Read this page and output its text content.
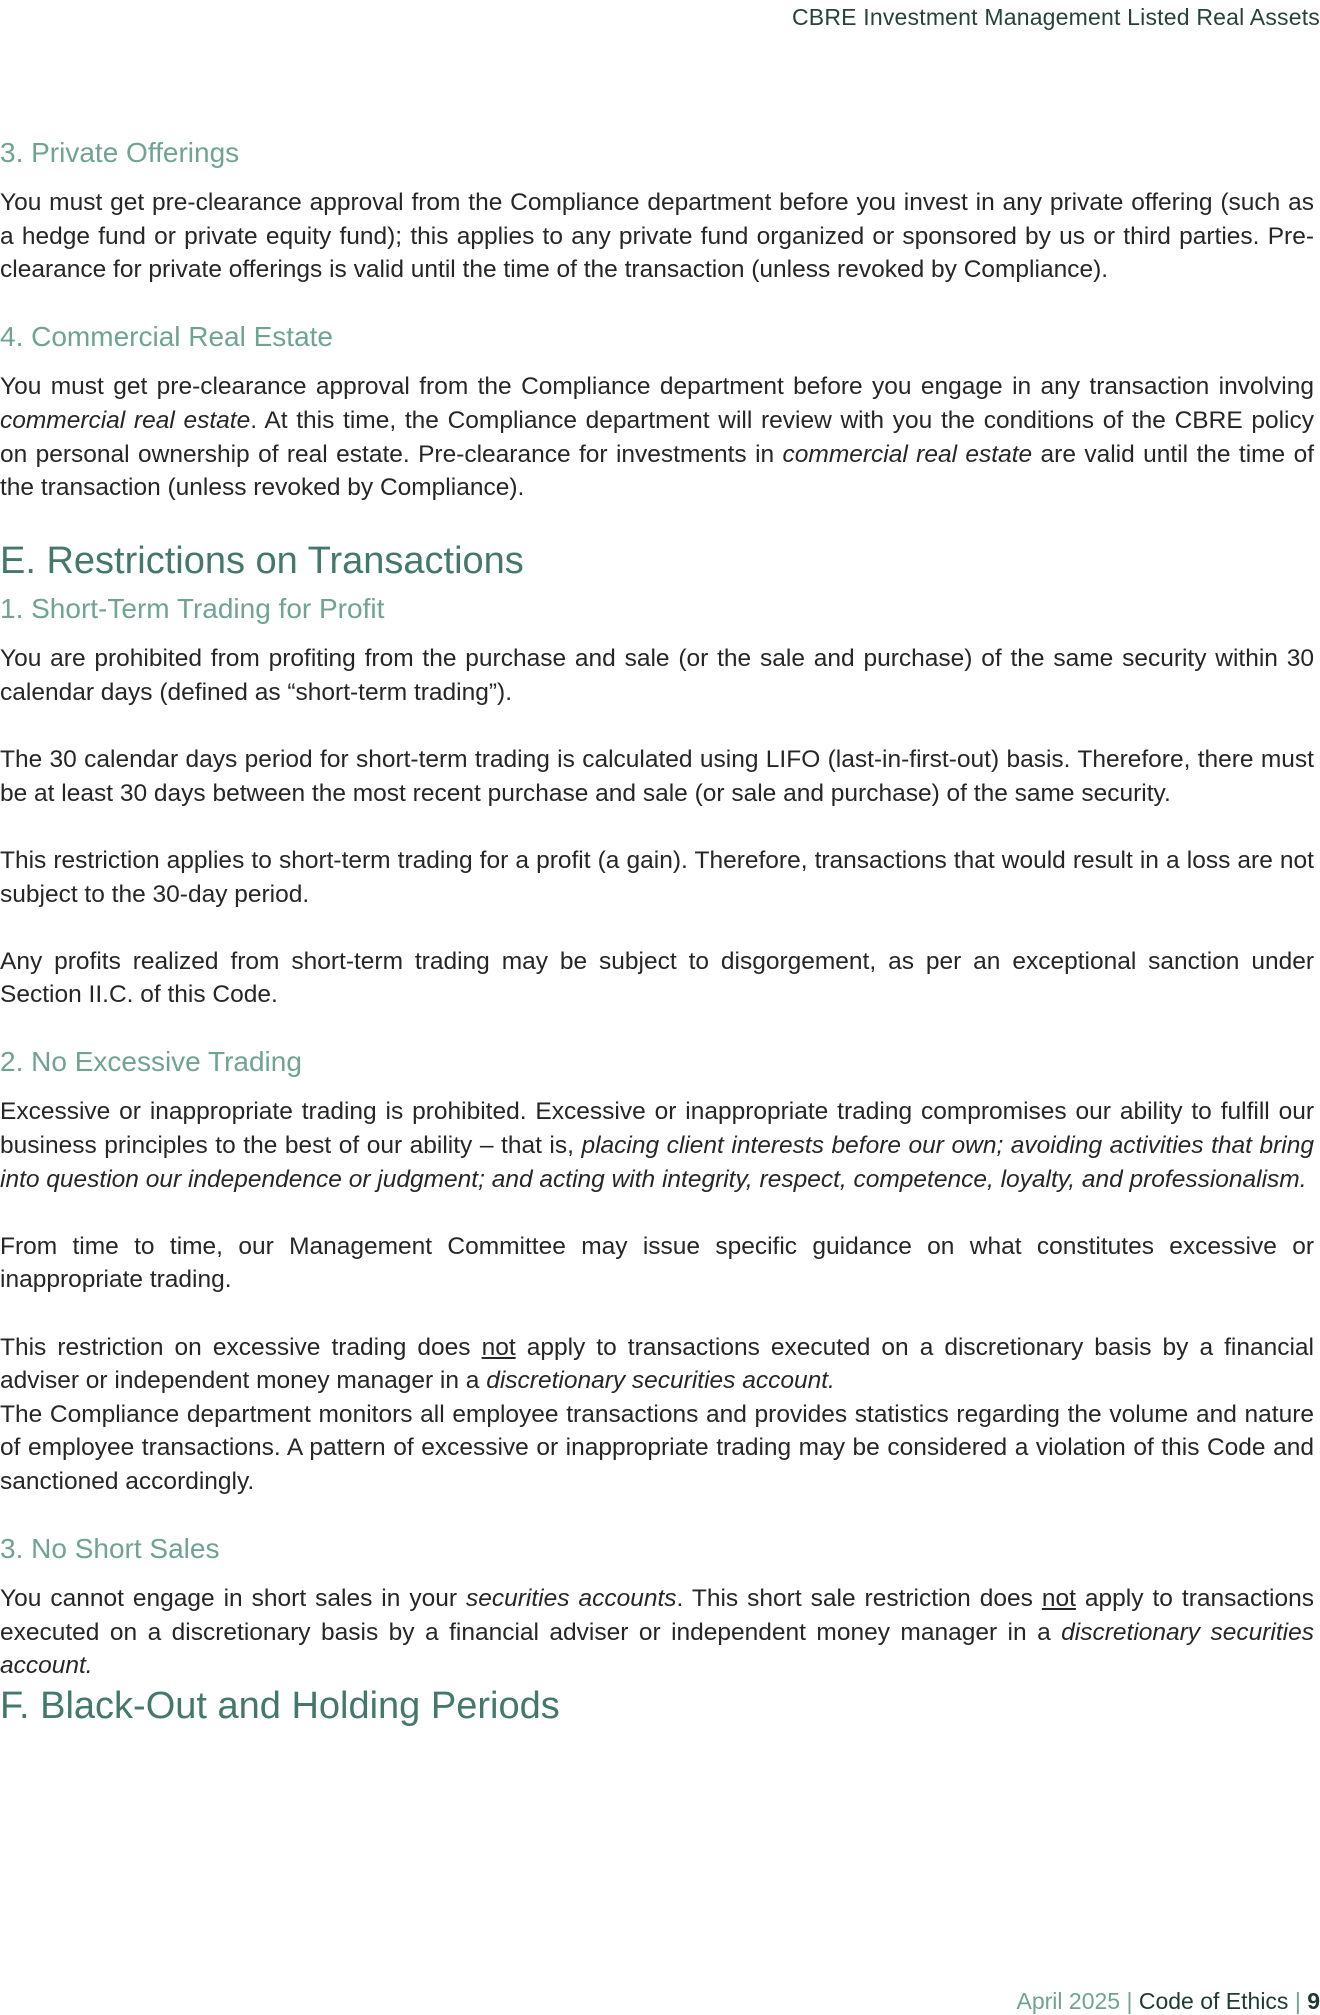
CBRE Investment Management Listed Real Assets
3. Private Offerings

You must get pre-clearance approval from the Compliance department before you invest in any private offering (such as a hedge fund or private equity fund); this applies to any private fund organized or sponsored by us or third parties. Pre-clearance for private offerings is valid until the time of the transaction (unless revoked by Compliance).

4. Commercial Real Estate

You must get pre-clearance approval from the Compliance department before you engage in any transaction involving commercial real estate. At this time, the Compliance department will review with you the conditions of the CBRE policy on personal ownership of real estate. Pre-clearance for investments in commercial real estate are valid until the time of the transaction (unless revoked by Compliance).

E. Restrictions on Transactions
1. Short-Term Trading for Profit

You are prohibited from profiting from the purchase and sale (or the sale and purchase) of the same security within 30 calendar days (defined as “short-term trading”).

The 30 calendar days period for short-term trading is calculated using LIFO (last-in-first-out) basis. Therefore, there must be at least 30 days between the most recent purchase and sale (or sale and purchase) of the same security.

This restriction applies to short-term trading for a profit (a gain). Therefore, transactions that would result in a loss are not subject to the 30-day period.

Any profits realized from short-term trading may be subject to disgorgement, as per an exceptional sanction under Section II.C. of this Code.

2. No Excessive Trading

Excessive or inappropriate trading is prohibited. Excessive or inappropriate trading compromises our ability to fulfill our business principles to the best of our ability – that is, placing client interests before our own; avoiding activities that bring into question our independence or judgment; and acting with integrity, respect, competence, loyalty, and professionalism.

From time to time, our Management Committee may issue specific guidance on what constitutes excessive or inappropriate trading.

This restriction on excessive trading does not apply to transactions executed on a discretionary basis by a financial adviser or independent money manager in a discretionary securities account.

The Compliance department monitors all employee transactions and provides statistics regarding the volume and nature of employee transactions. A pattern of excessive or inappropriate trading may be considered a violation of this Code and sanctioned accordingly.

3. No Short Sales

You cannot engage in short sales in your securities accounts. This short sale restriction does not apply to transactions executed on a discretionary basis by a financial adviser or independent money manager in a discretionary securities account.

F. Black-Out and Holding Periods
April 2025 | Code of Ethics | 9
